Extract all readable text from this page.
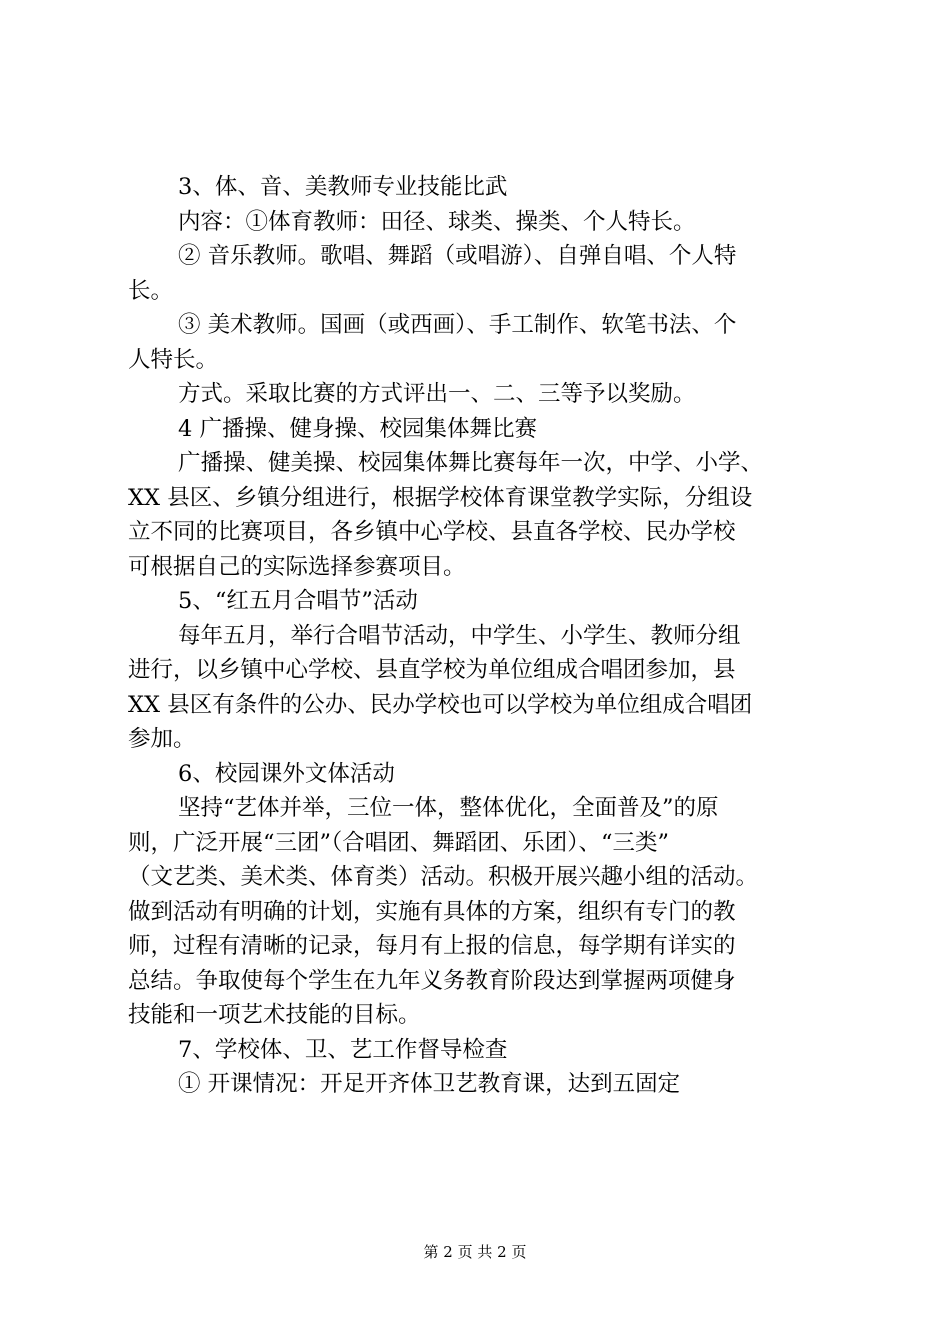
3、体、音、美教师专业技能比武
内容：①体育教师：田径、球类、操类、个人特长。
② 音乐教师。歌唱、舞蹈（或唱游）、自弹自唱、个人特
长。
③ 美术教师。国画（或西画）、手工制作、软笔书法、个
人特长。
方式。采取比赛的方式评出一、二、三等予以奖励。
4 广播操、健身操、校园集体舞比赛
广播操、健美操、校园集体舞比赛每年一次，中学、小学、
XX 县区、乡镇分组进行，根据学校体育课堂教学实际，分组设
立不同的比赛项目，各乡镇中心学校、县直各学校、民办学校
可根据自己的实际选择参赛项目。
5、“红五月合唱节”活动
每年五月，举行合唱节活动，中学生、小学生、教师分组
进行，以乡镇中心学校、县直学校为单位组成合唱团参加，县
XX 县区有条件的公办、民办学校也可以学校为单位组成合唱团
参加。
6、校园课外文体活动
坚持“艺体并举，三位一体，整体优化，全面普及”的原
则，广泛开展“三团”（合唱团、舞蹈团、乐团）、“三类”
（文艺类、美术类、体育类）活动。积极开展兴趣小组的活动。
做到活动有明确的计划，实施有具体的方案，组织有专门的教
师，过程有清晰的记录，每月有上报的信息，每学期有详实的
总结。争取使每个学生在九年义务教育阶段达到掌握两项健身
技能和一项艺术技能的目标。
7、学校体、卫、艺工作督导检查
① 开课情况：开足开齐体卫艺教育课，达到五固定
第 2 页 共 2 页
